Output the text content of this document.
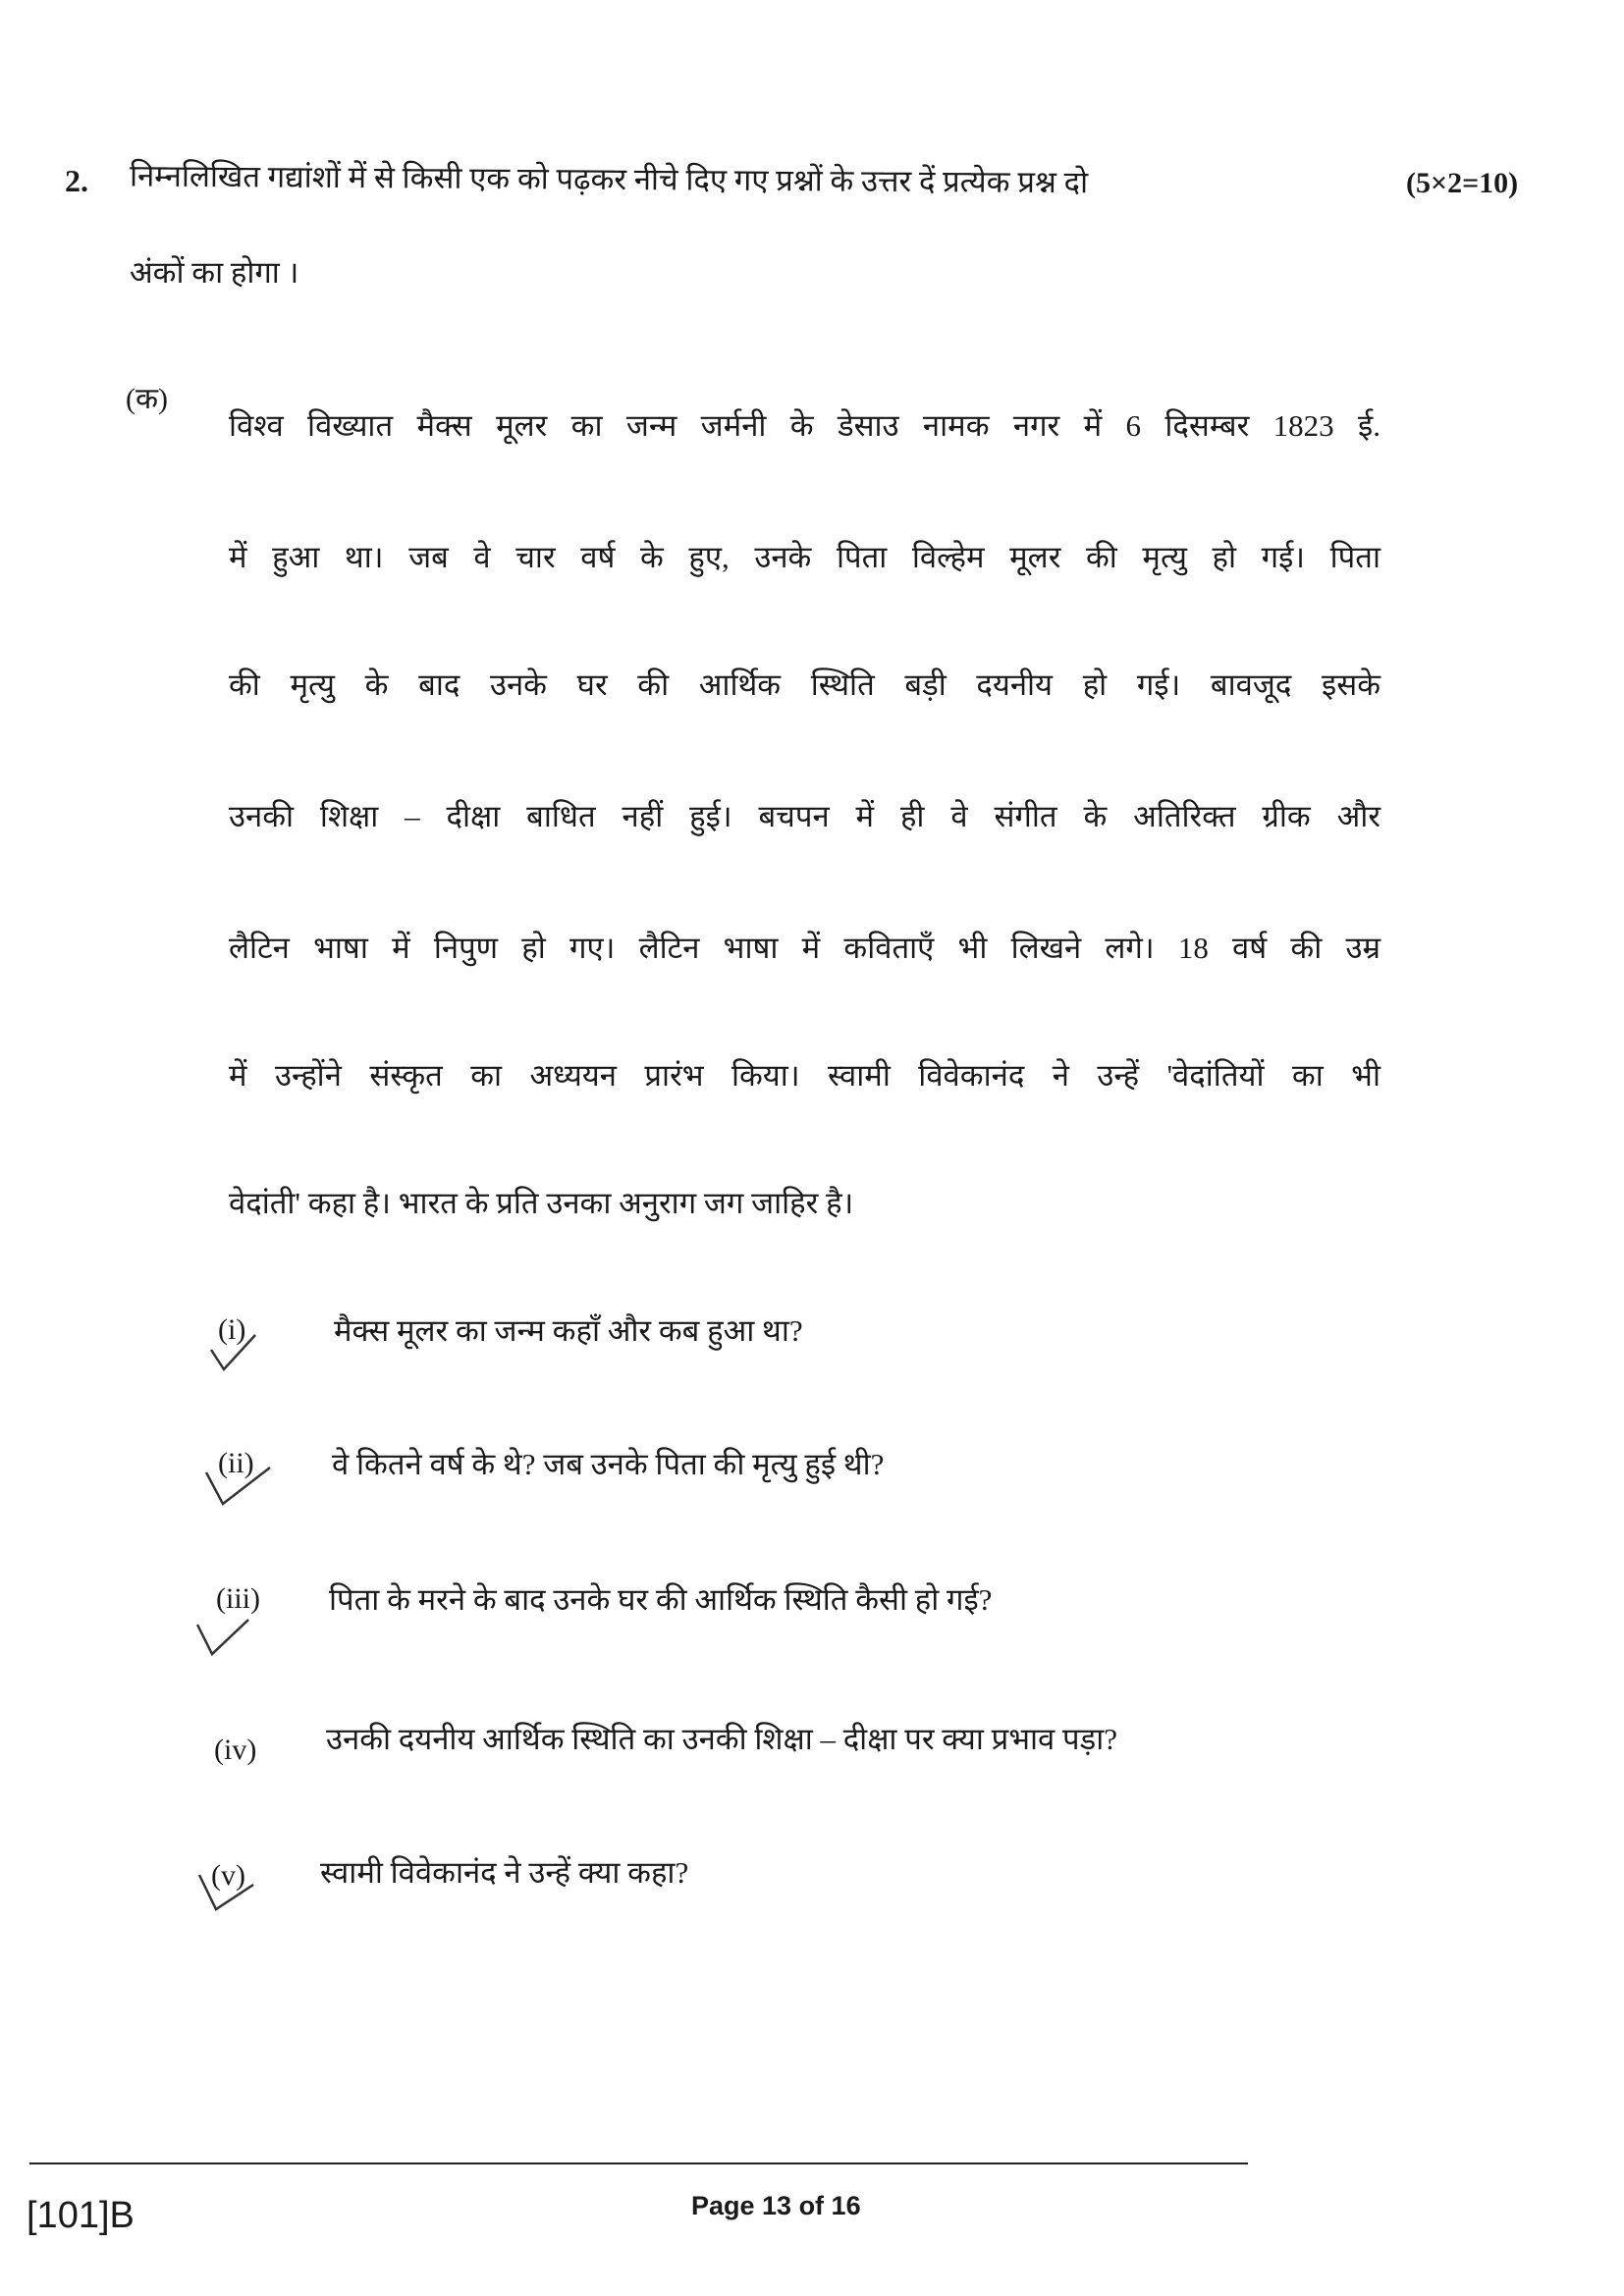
2. निम्नलिखित गद्यांशों में से किसी एक को पढ़कर नीचे दिए गए प्रश्नों के उत्तर दें प्रत्येक प्रश्न दो	(5×2=10)
अंकों का होगा ।
(क)
विश्व विख्यात मैक्स मूलर का जन्म जर्मनी के डेसाउ नामक नगर में 6 दिसम्बर 1823 ई.
में हुआ था। जब वे चार वर्ष के हुए, उनके पिता विल्हेम मूलर की मृत्यु हो गई। पिता
की मृत्यु के बाद उनके घर की आर्थिक स्थिति बड़ी दयनीय हो गई। बावजूद इसके
उनकी शिक्षा – दीक्षा बाधित नहीं हुई। बचपन में ही वे संगीत के अतिरिक्त ग्रीक और
लैटिन भाषा में निपुण हो गए। लैटिन भाषा में कविताएँ भी लिखने लगे। 18 वर्ष की उम्र
में उन्होंने संस्कृत का अध्ययन प्रारंभ किया। स्वामी विवेकानंद ने उन्हें 'वेदांतियों का भी
वेदांती' कहा है। भारत के प्रति उनका अनुराग जग जाहिर है।
(i)	मैक्स मूलर का जन्म कहाँ और कब हुआ था?
(ii)	वे कितने वर्ष के थे? जब उनके पिता की मृत्यु हुई थी?
(iii) पिता के मरने के बाद उनके घर की आर्थिक स्थिति कैसी हो गई?
(iv) उनकी दयनीय आर्थिक स्थिति का उनकी शिक्षा – दीक्षा पर क्या प्रभाव पड़ा?
(v) स्वामी विवेकानंद ने उन्हें क्या कहा?
[101]B	Page 13 of 16
